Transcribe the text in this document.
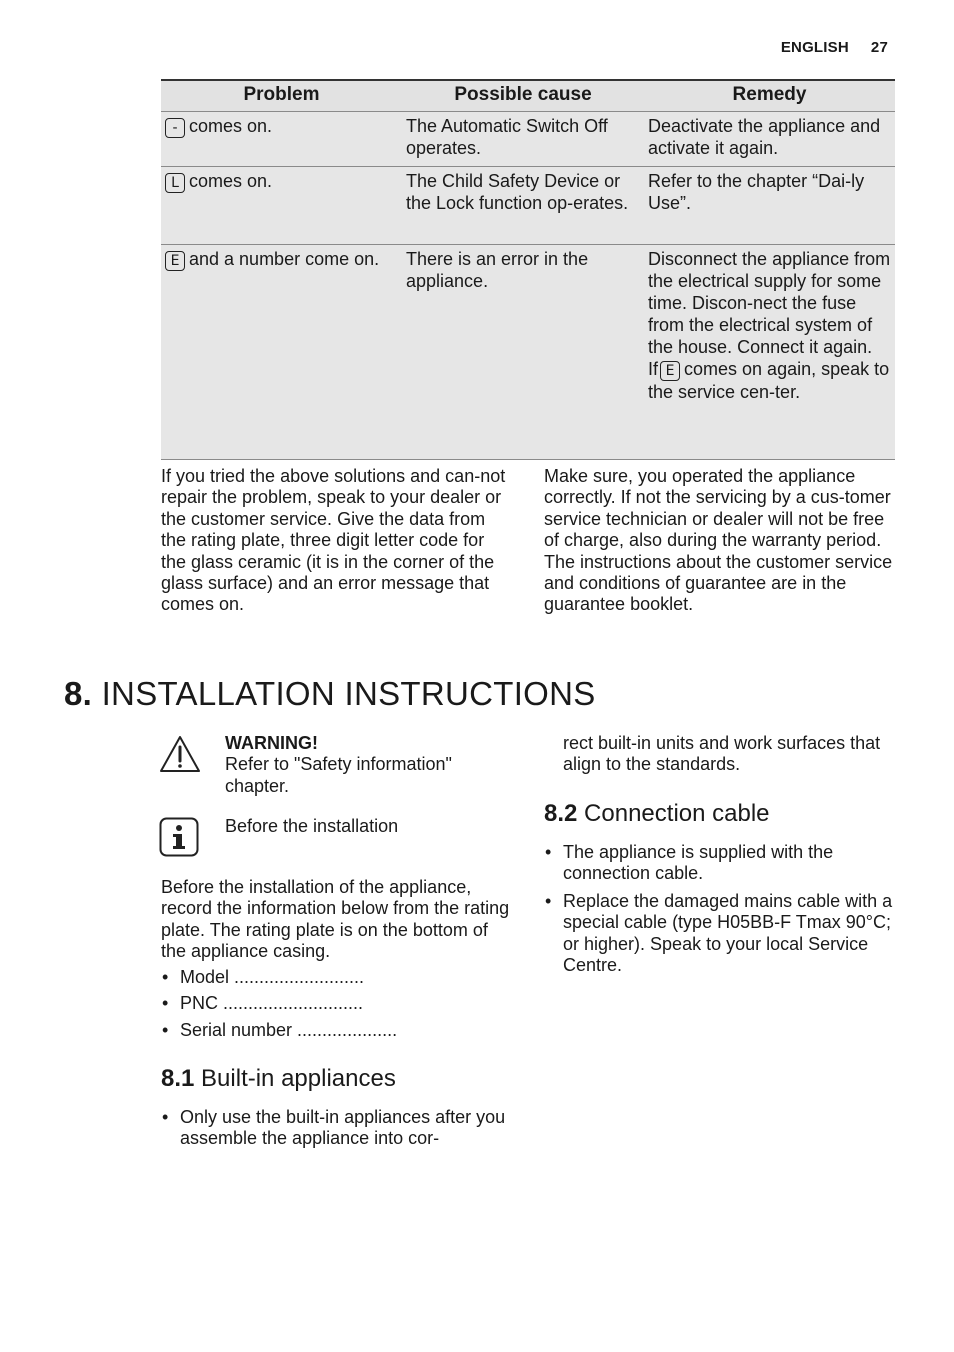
ENGLISH 27
Problem	Possible cause	Remedy
- comes on.	The Automatic Switch Off operates.	Deactivate the appliance and activate it again.
L comes on.	The Child Safety Device or the Lock function op-erates.	Refer to the chapter “Dai-ly Use”.
E and a number come on.	There is an error in the appliance.	Disconnect the appliance from the electrical supply for some time. Discon-nect the fuse from the electrical system of the house. Connect it again.
If E comes on again, speak to the service cen-ter.
If you tried the above solutions and can-not repair the problem, speak to your dealer or the customer service. Give the data from the rating plate, three digit letter code for the glass ceramic (it is in the corner of the glass surface) and an error message that comes on.
Make sure, you operated the appliance correctly. If not the servicing by a cus-tomer service technician or dealer will not be free of charge, also during the warranty period. The instructions about the customer service and conditions of guarantee are in the guarantee booklet.
8. INSTALLATION INSTRUCTIONS
WARNING!
Refer to "Safety information" chapter.
Before the installation
Before the installation of the appliance, record the information below from the rating plate. The rating plate is on the bottom of the appliance casing.
• Model ..........................
• PNC ............................
• Serial number ....................
8.1 Built-in appliances
• Only use the built-in appliances after you assemble the appliance into cor-
rect built-in units and work surfaces that align to the standards.
8.2 Connection cable
• The appliance is supplied with the connection cable.
• Replace the damaged mains cable with a special cable (type H05BB-F Tmax 90°C; or higher). Speak to your local Service Centre.
